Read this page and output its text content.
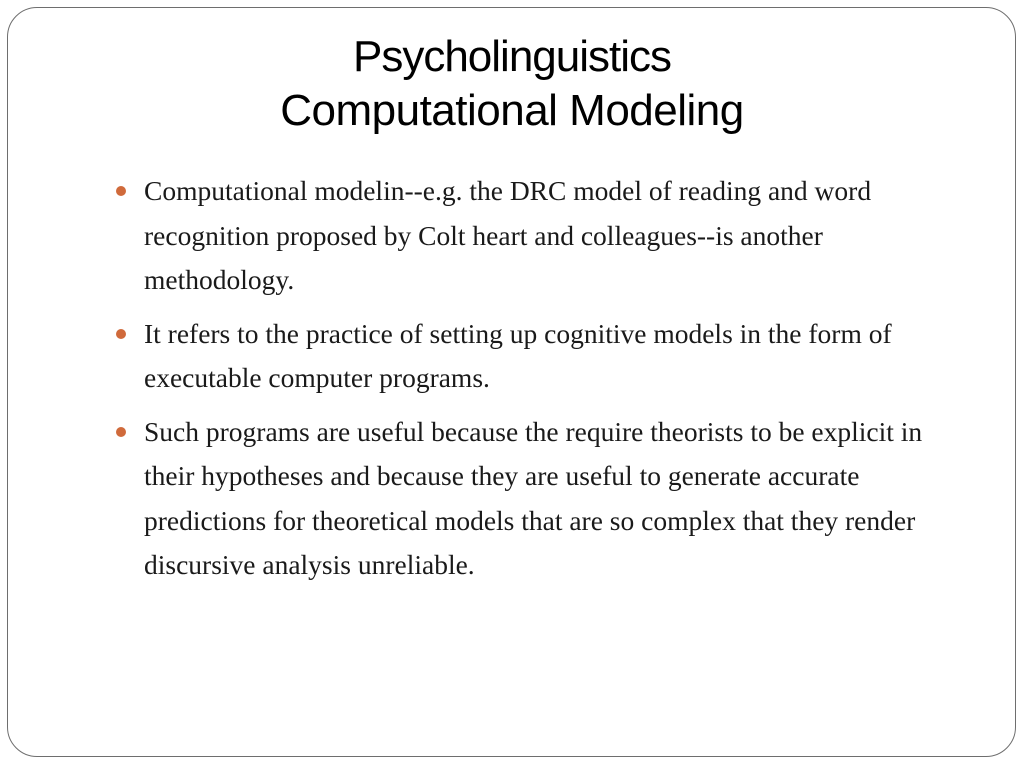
Psycholinguistics
Computational Modeling
Computational modelin--e.g. the DRC model of reading and word recognition proposed by Colt heart and colleagues--is another methodology.
It refers to the practice of setting up cognitive models in the form of executable computer programs.
Such programs are useful because the require theorists to be explicit in their hypotheses and because they are useful to generate accurate predictions for theoretical models that are so complex that they render discursive analysis unreliable.
